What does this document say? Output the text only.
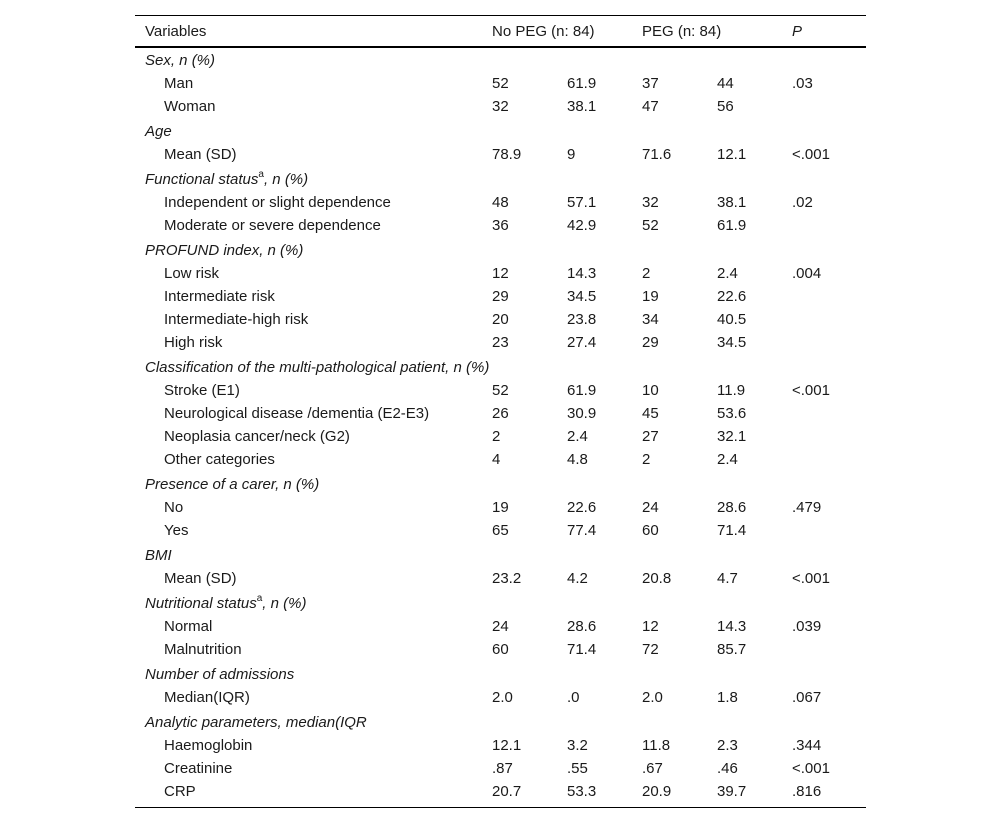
Variables	No PEG (n: 84)	PEG (n: 84)	P
Sex, n (%)
Man	52	61.9	37	44	.03
Woman	32	38.1	47	56
Age
Mean (SD)	78.9	9	71.6	12.1	<.001
Functional status$^a$, n (%)
Independent or slight dependence	48	57.1	32	38.1	.02
Moderate or severe dependence	36	42.9	52	61.9
PROFUND index, n (%)
Low risk	12	14.3	2	2.4	.004
Intermediate risk	29	34.5	19	22.6
Intermediate-high risk	20	23.8	34	40.5
High risk	23	27.4	29	34.5
Classification of the multi-pathological patient, n (%)
Stroke (E1)	52	61.9	10	11.9	<.001
Neurological disease /dementia (E2-E3)	26	30.9	45	53.6
Neoplasia cancer/neck (G2)	2	2.4	27	32.1
Other categories	4	4.8	2	2.4
Presence of a carer, n (%)
No	19	22.6	24	28.6	.479
Yes	65	77.4	60	71.4
BMI
Mean (SD)	23.2	4.2	20.8	4.7	<.001
Nutritional status$^a$, n (%)
Normal	24	28.6	12	14.3	.039
Malnutrition	60	71.4	72	85.7
Number of admissions
Median(IQR)	2.0	.0	2.0	1.8	.067
Analytic parameters, median(IQR
Haemoglobin	12.1	3.2	11.8	2.3	.344
Creatinine	.87	.55	.67	.46	<.001
CRP	20.7	53.3	20.9	39.7	.816
